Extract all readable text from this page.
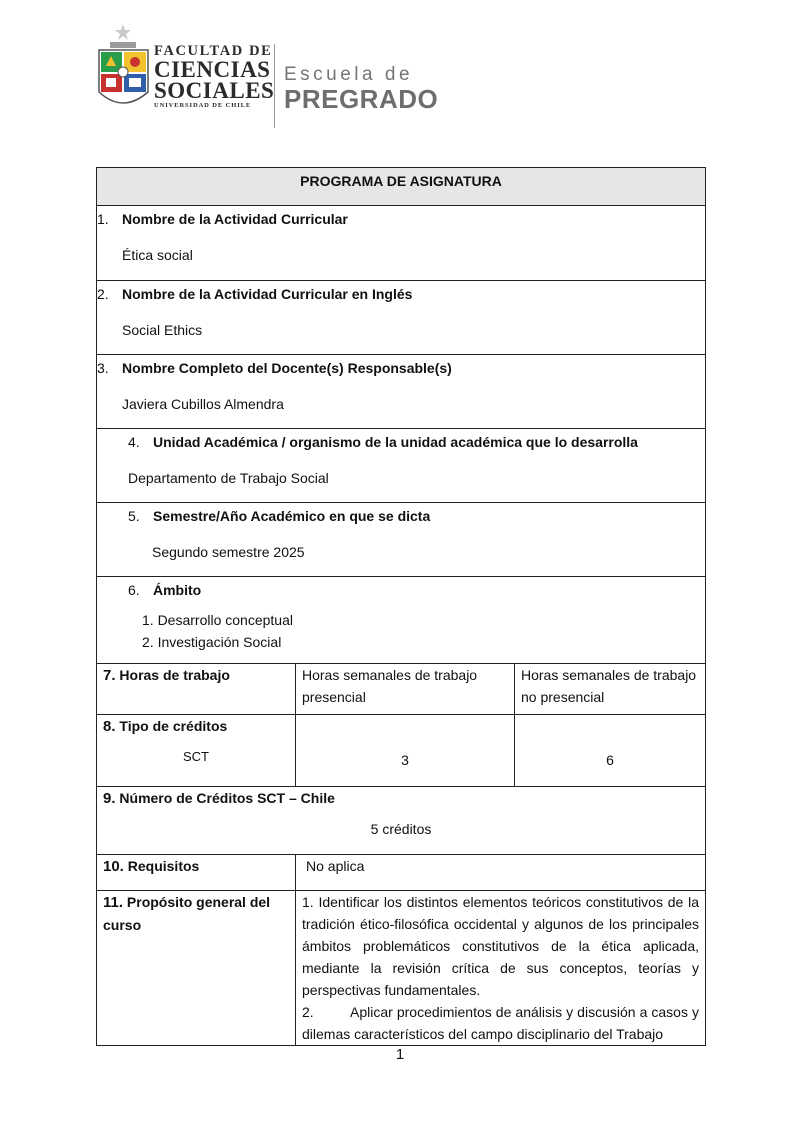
FACULTAD DE
CIENCIAS
SOCIALES
UNIVERSIDAD DE CHILE
Escuela de
PREGRADO
PROGRAMA DE ASIGNATURA		

1. Nombre de la Actividad Curricular
Ética social		

2. Nombre de la Actividad Curricular en Inglés
Social Ethics		

3. Nombre Completo del Docente(s) Responsable(s)
Javiera Cubillos Almendra		

4. Unidad Académica / organismo de la unidad académica que lo desarrolla
Departamento de Trabajo Social		

5. Semestre/Año Académico en que se dicta
Segundo semestre 2025		

6. Ámbito
1. Desarrollo conceptual
2. Investigación Social		

7. Horas de trabajo	Horas semanales de trabajo presencial	Horas semanales de trabajo no presencial

8. Tipo de créditos
SCT	3	6

9. Número de Créditos SCT – Chile
5 créditos		

10. Requisitos	No aplica	
11. Propósito general del curso	1. Identificar los distintos elementos teóricos constitutivos de la tradición ético-filosófica occidental y algunos de los principales ámbitos problemáticos constitutivos de la ética aplicada, mediante la revisión crítica de sus conceptos, teorías y perspectivas fundamentales.
2. Aplicar procedimientos de análisis y discusión a casos y dilemas característicos del campo disciplinario del Trabajo	
1
